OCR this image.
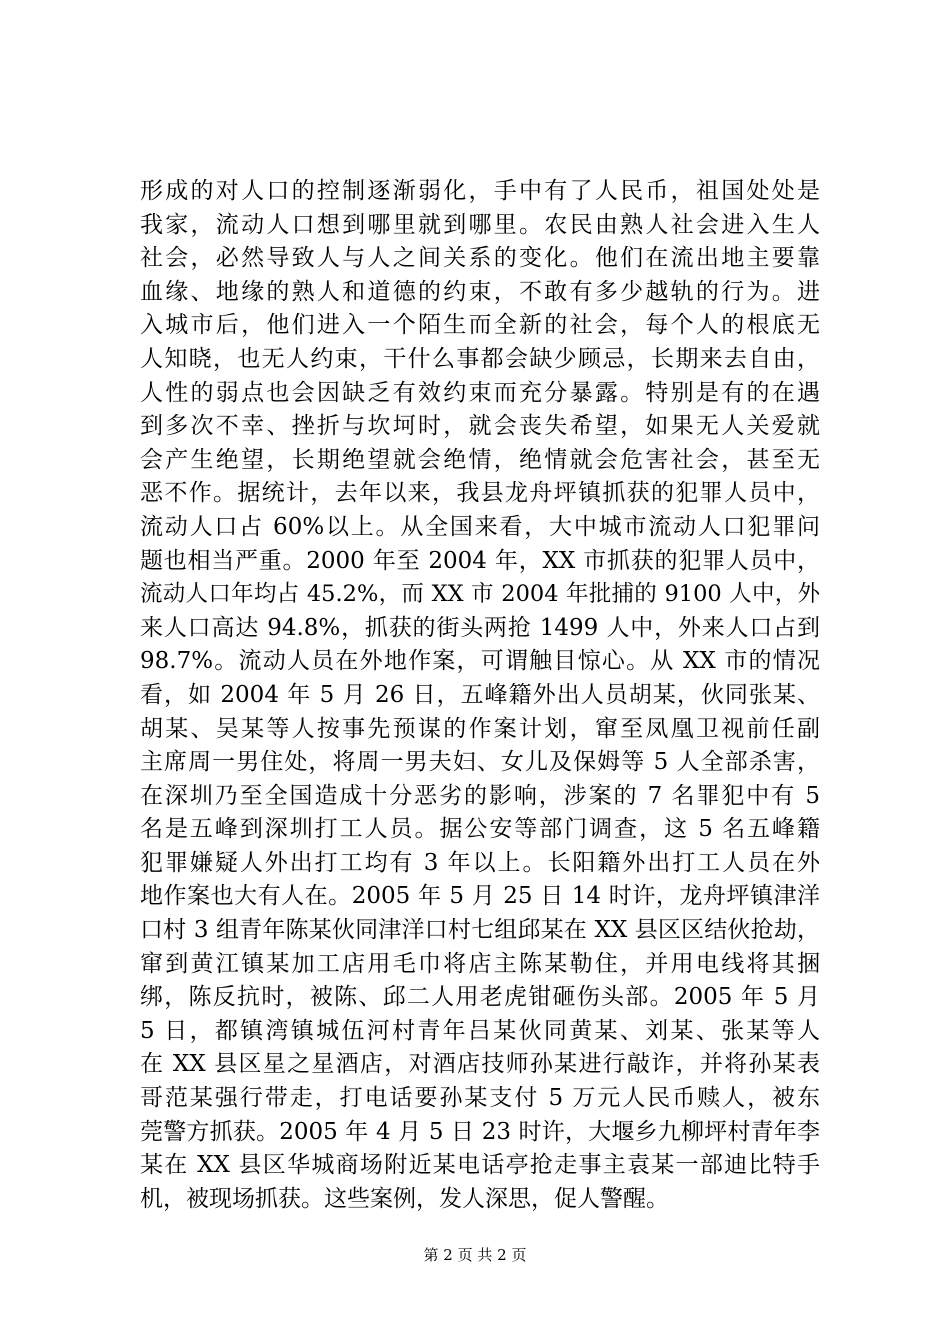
形成的对人口的控制逐渐弱化，手中有了人民币，祖国处处是
我家，流动人口想到哪里就到哪里。农民由熟人社会进入生人
社会，必然导致人与人之间关系的变化。他们在流出地主要靠
血缘、地缘的熟人和道德的约束，不敢有多少越轨的行为。进
入城市后，他们进入一个陌生而全新的社会，每个人的根底无
人知晓，也无人约束，干什么事都会缺少顾忌，长期来去自由，
人性的弱点也会因缺乏有效约束而充分暴露。特别是有的在遇
到多次不幸、挫折与坎坷时，就会丧失希望，如果无人关爱就
会产生绝望，长期绝望就会绝情，绝情就会危害社会，甚至无
恶不作。据统计，去年以来，我县龙舟坪镇抓获的犯罪人员中，
流动人口占 60%以上。从全国来看，大中城市流动人口犯罪问
题也相当严重。2000 年至 2004 年，XX 市抓获的犯罪人员中，
流动人口年均占 45.2%，而 XX 市 2004 年批捕的 9100 人中，外
来人口高达 94.8%，抓获的街头两抢 1499 人中，外来人口占到
98.7%。流动人员在外地作案，可谓触目惊心。从 XX 市的情况
看，如 2004 年 5 月 26 日，五峰籍外出人员胡某，伙同张某、
胡某、吴某等人按事先预谋的作案计划，窜至凤凰卫视前任副
主席周一男住处，将周一男夫妇、女儿及保姆等 5 人全部杀害，
在深圳乃至全国造成十分恶劣的影响，涉案的 7 名罪犯中有 5
名是五峰到深圳打工人员。据公安等部门调查，这 5 名五峰籍
犯罪嫌疑人外出打工均有 3 年以上。长阳籍外出打工人员在外
地作案也大有人在。2005 年 5 月 25 日 14 时许，龙舟坪镇津洋
口村 3 组青年陈某伙同津洋口村七组邱某在 XX 县区区结伙抢劫，
窜到黄江镇某加工店用毛巾将店主陈某勒住，并用电线将其捆
绑，陈反抗时，被陈、邱二人用老虎钳砸伤头部。2005 年 5 月
5 日，都镇湾镇城伍河村青年吕某伙同黄某、刘某、张某等人
在 XX 县区星之星酒店，对酒店技师孙某进行敲诈，并将孙某表
哥范某强行带走，打电话要孙某支付 5 万元人民币赎人，被东
莞警方抓获。2005 年 4 月 5 日 23 时许，大堰乡九柳坪村青年李
某在 XX 县区华城商场附近某电话亭抢走事主袁某一部迪比特手
机，被现场抓获。这些案例，发人深思，促人警醒。
第 2 页 共 2 页
